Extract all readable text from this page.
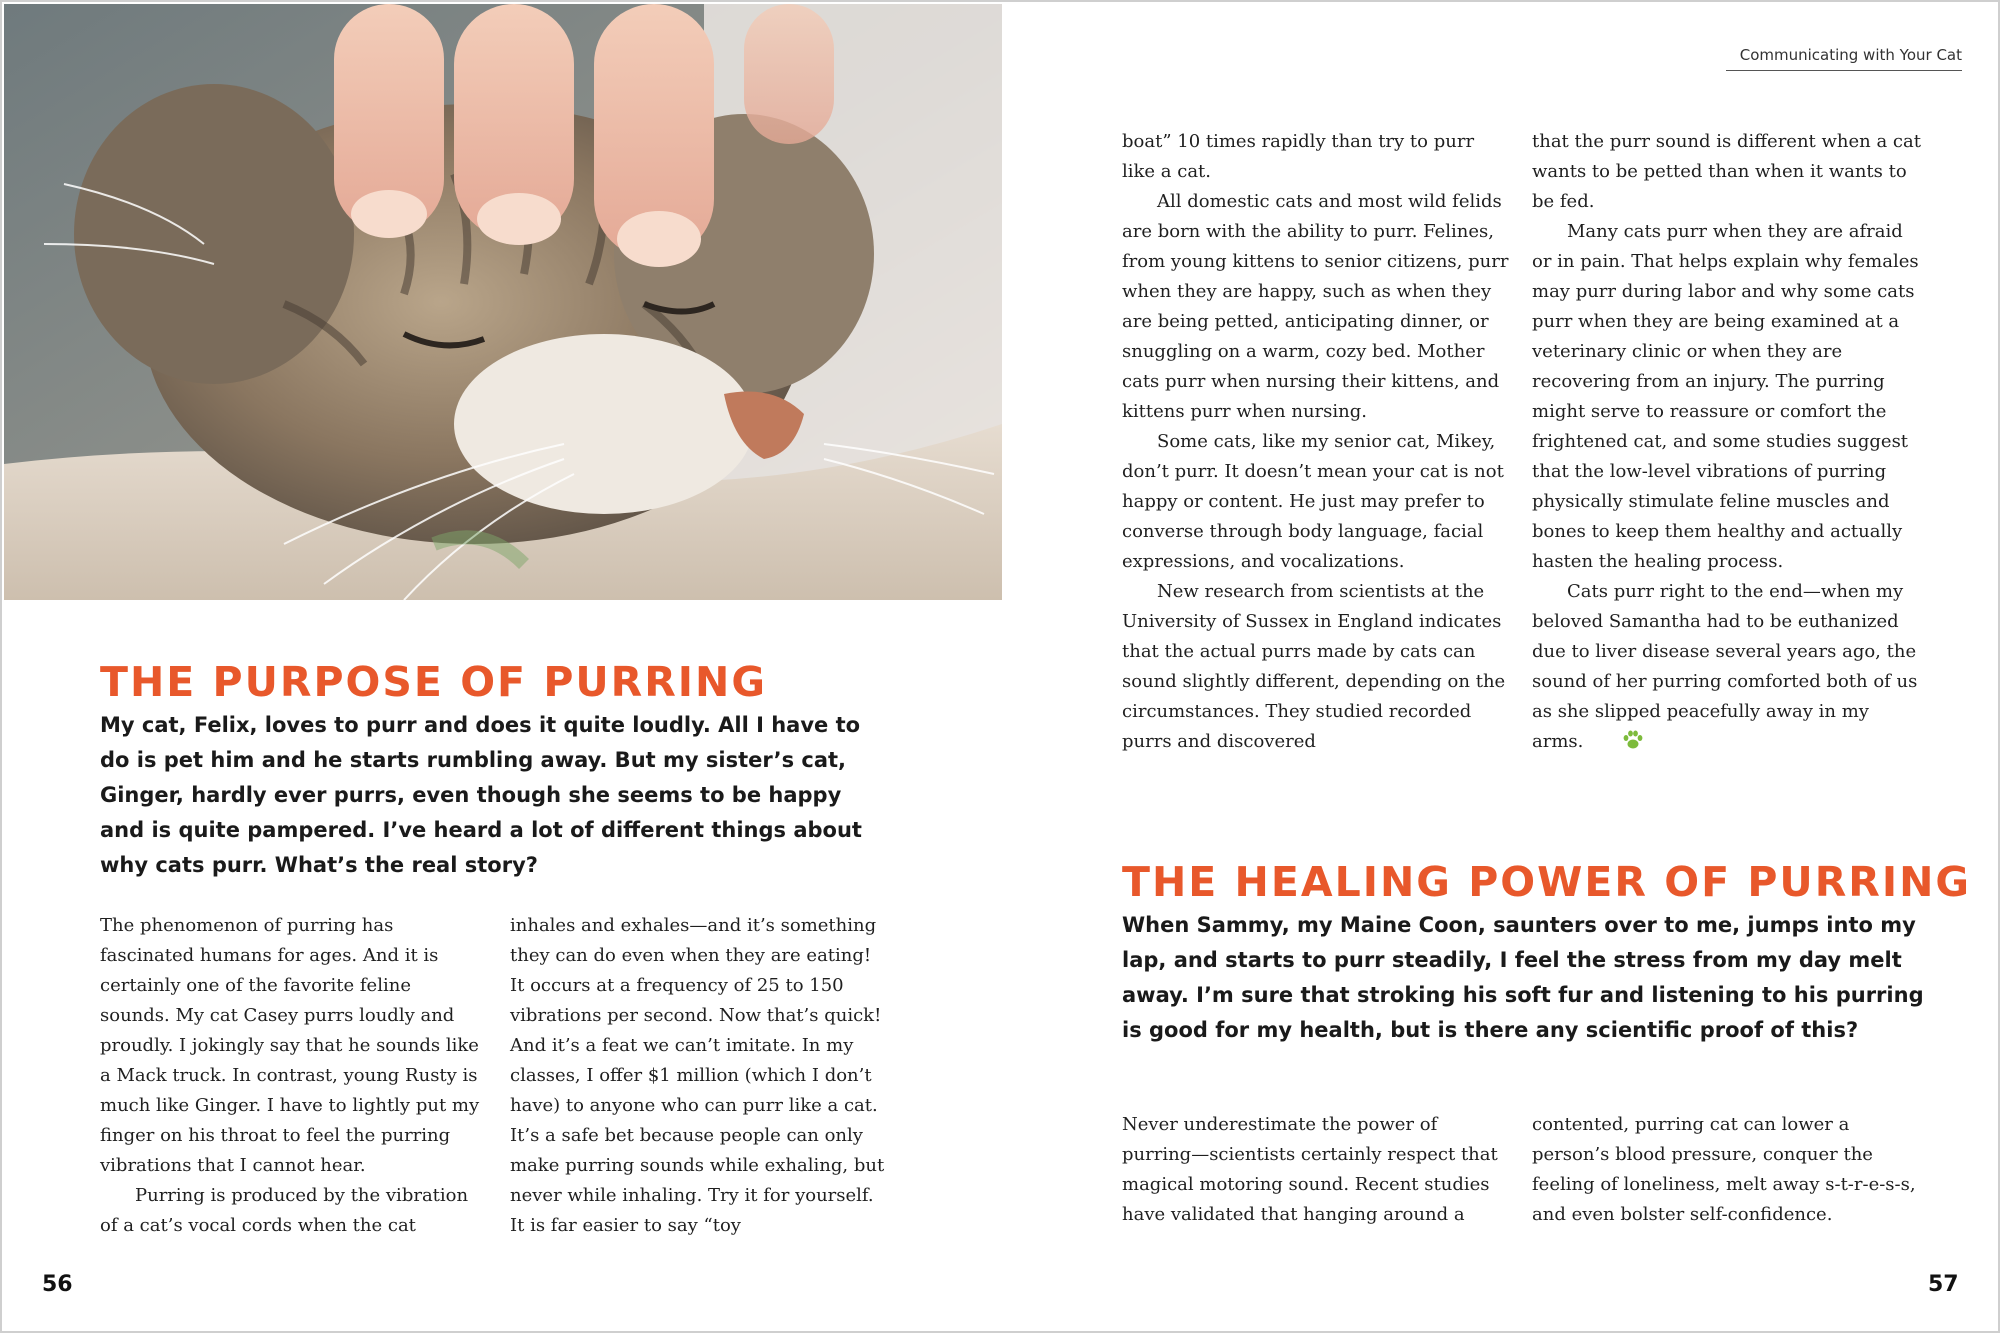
Communicating with Your Cat
THE PURPOSE OF PURRING

My cat, Felix, loves to purr and does it quite loudly. All I have to do is pet him and he starts rumbling away. But my sister’s cat, Ginger, hardly ever purrs, even though she seems to be happy and is quite pampered. I’ve heard a lot of different things about why cats purr. What’s the real story?

The phenomenon of purring has fascinated humans for ages. And it is certainly one of the favorite feline sounds. My cat Casey purrs loudly and proudly. I jokingly say that he sounds like a Mack truck. In contrast, young Rusty is much like Ginger. I have to lightly put my finger on his throat to feel the purring vibrations that I cannot hear.

Purring is produced by the vibration of a cat’s vocal cords when the cat

inhales and exhales—and it’s something they can do even when they are eating! It occurs at a frequency of 25 to 150 vibrations per second. Now that’s quick! And it’s a feat we can’t imitate. In my classes, I offer $1 million (which I don’t have) to anyone who can purr like a cat. It’s a safe bet because people can only make purring sounds while exhaling, but never while inhaling. Try it for yourself. It is far easier to say “toy

56

boat” 10 times rapidly than try to purr like a cat.

All domestic cats and most wild felids are born with the ability to purr. Felines, from young kittens to senior citizens, purr when they are happy, such as when they are being petted, anticipating dinner, or snuggling on a warm, cozy bed. Mother cats purr when nursing their kittens, and kittens purr when nursing.

Some cats, like my senior cat, Mikey, don’t purr. It doesn’t mean your cat is not happy or content. He just may prefer to converse through body language, facial expressions, and vocalizations.

New research from scientists at the University of Sussex in England indicates that the actual purrs made by cats can sound slightly different, depending on the circumstances. They studied recorded purrs and discovered

that the purr sound is different when a cat wants to be petted than when it wants to be fed.

Many cats purr when they are afraid or in pain. That helps explain why females may purr during labor and why some cats purr when they are being examined at a veterinary clinic or when they are recovering from an injury. The purring might serve to reassure or comfort the frightened cat, and some studies suggest that the low-level vibrations of purring physically stimulate feline muscles and bones to keep them healthy and actually hasten the healing process.

Cats purr right to the end—when my beloved Samantha had to be euthanized due to liver disease several years ago, the sound of her purring comforted both of us as she slipped peacefully away in my arms.

THE HEALING POWER OF PURRING

When Sammy, my Maine Coon, saunters over to me, jumps into my lap, and starts to purr steadily, I feel the stress from my day melt away. I’m sure that stroking his soft fur and listening to his purring is good for my health, but is there any scientific proof of this?

Never underestimate the power of purring—scientists certainly respect that magical motoring sound. Recent studies have validated that hanging around a

contented, purring cat can lower a person’s blood pressure, conquer the feeling of loneliness, melt away s-t-r-e-s-s, and even bolster self-confidence.

57
